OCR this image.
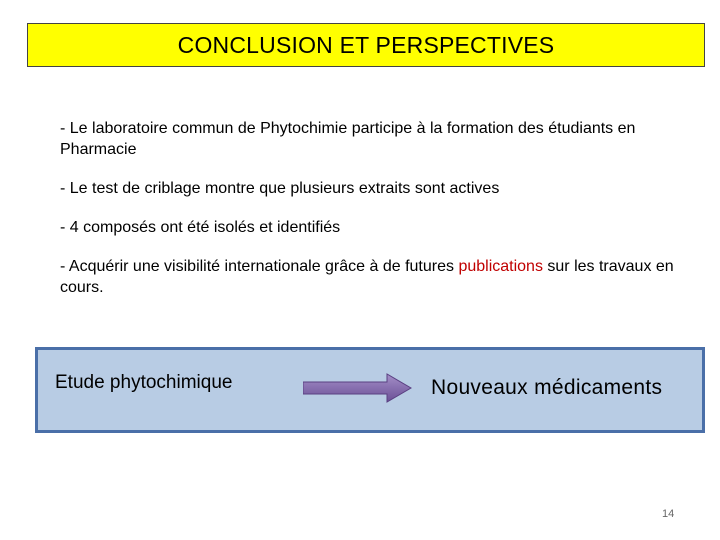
CONCLUSION ET PERSPECTIVES
- Le laboratoire commun de Phytochimie participe à la formation des étudiants en Pharmacie
- Le test de criblage montre que plusieurs extraits sont actives
- 4 composés ont été isolés et identifiés
- Acquérir une visibilité internationale grâce à de futures publications sur les travaux en cours.
Etude phytochimique	Nouveaux médicaments
14
